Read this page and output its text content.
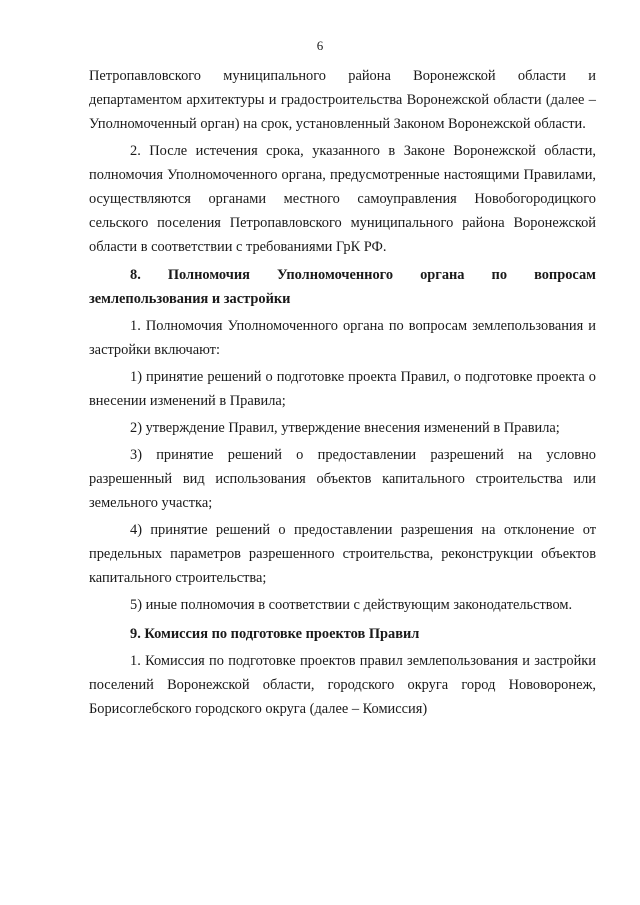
6

Петропавловского муниципального района Воронежской области и департаментом архитектуры и градостроительства Воронежской области (далее – Уполномоченный орган) на срок, установленный Законом Воронежской области.

2. После истечения срока, указанного в Законе Воронежской области, полномочия Уполномоченного органа, предусмотренные настоящими Правилами, осуществляются органами местного самоуправления Новобогородицкого сельского поселения Петропавловского муниципального района Воронежской области в соответствии с требованиями ГрК РФ.

8. Полномочия Уполномоченного органа по вопросам землепользования и застройки

1. Полномочия Уполномоченного органа по вопросам землепользования и застройки включают:

1) принятие решений о подготовке проекта Правил, о подготовке проекта о внесении изменений в Правила;

2) утверждение Правил, утверждение внесения изменений в Правила;

3) принятие решений о предоставлении разрешений на условно разрешенный вид использования объектов капитального строительства или земельного участка;

4) принятие решений о предоставлении разрешения на отклонение от предельных параметров разрешенного строительства, реконструкции объектов капитального строительства;

5) иные полномочия в соответствии с действующим законодательством.

9. Комиссия по подготовке проектов Правил

1. Комиссия по подготовке проектов правил землепользования и застройки поселений Воронежской области, городского округа город Нововоронеж, Борисоглебского городского округа (далее – Комиссия)
